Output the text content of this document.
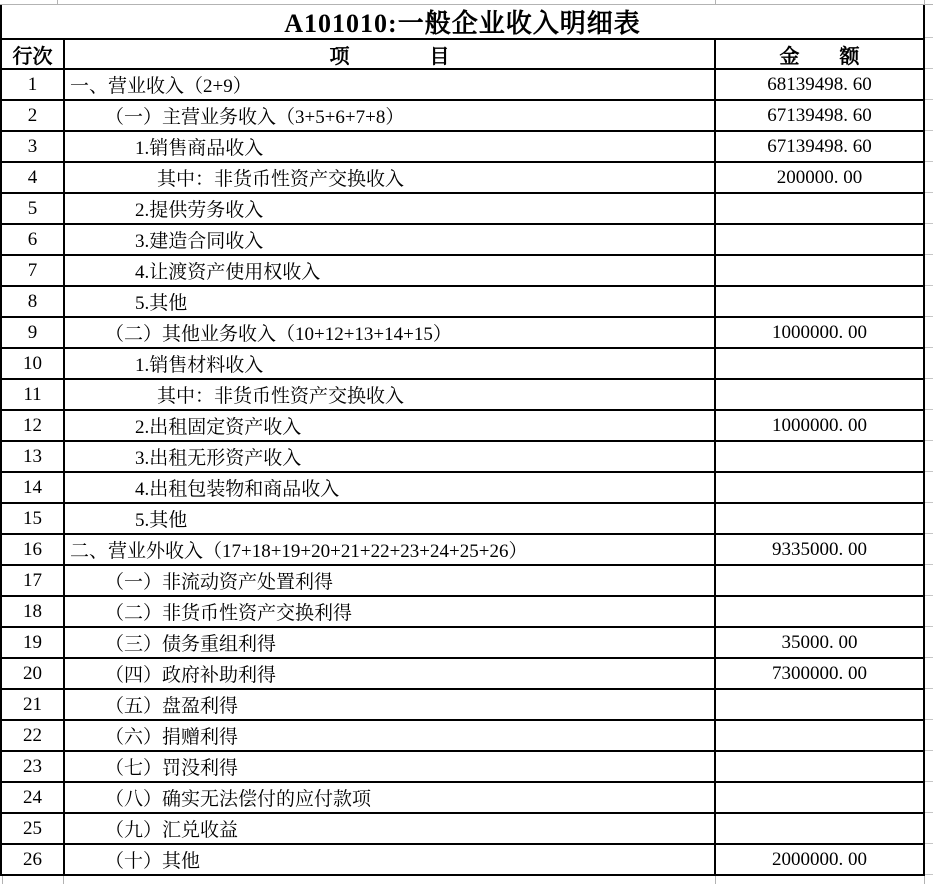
A101010:一般企业收入明细表
行次	项　　　　目	金　　额
1	一、营业收入（2+9）	68139498. 60
2	（一）主营业务收入（3+5+6+7+8）	67139498. 60
3	1.销售商品收入	67139498. 60
4	其中：非货币性资产交换收入	200000. 00
5	2.提供劳务收入
6	3.建造合同收入
7	4.让渡资产使用权收入
8	5.其他
9	（二）其他业务收入（10+12+13+14+15）	1000000. 00
10	1.销售材料收入
11	其中：非货币性资产交换收入
12	2.出租固定资产收入	1000000. 00
13	3.出租无形资产收入
14	4.出租包装物和商品收入
15	5.其他
16	二、营业外收入（17+18+19+20+21+22+23+24+25+26）	9335000. 00
17	（一）非流动资产处置利得
18	（二）非货币性资产交换利得
19	（三）债务重组利得	35000. 00
20	（四）政府补助利得	7300000. 00
21	（五）盘盈利得
22	（六）捐赠利得
23	（七）罚没利得
24	（八）确实无法偿付的应付款项
25	（九）汇兑收益
26	（十）其他	2000000. 00
